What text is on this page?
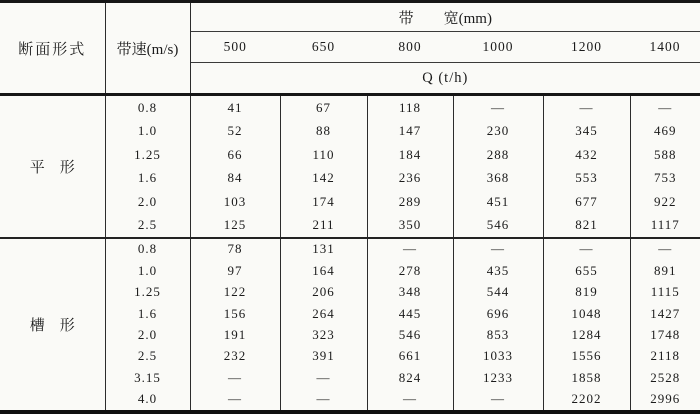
断面形式	带速(m/s)	带　　宽(mm)					
		500	650	800	1000	1200	1400
		Q (t/h)					
平　形	0.8	41	67	118	—	—	—
	1.0	52	88	147	230	345	469
	1.25	66	110	184	288	432	588
	1.6	84	142	236	368	553	753
	2.0	103	174	289	451	677	922
	2.5	125	211	350	546	821	1117
槽　形	0.8	78	131	—	—	—	—
	1.0	97	164	278	435	655	891
	1.25	122	206	348	544	819	1115
	1.6	156	264	445	696	1048	1427
	2.0	191	323	546	853	1284	1748
	2.5	232	391	661	1033	1556	2118
	3.15	—	—	824	1233	1858	2528
	4.0	—	—	—	—	2202	2996
